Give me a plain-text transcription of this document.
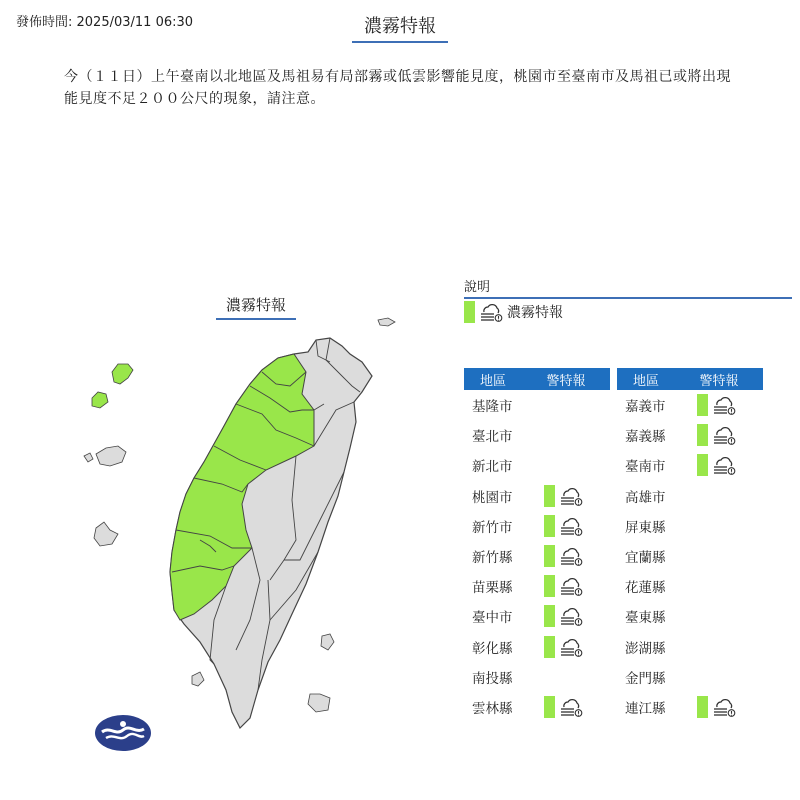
發佈時間: 2025/03/11 06:30	濃霧特報
今（１１日）上午臺南以北地區及馬祖易有局部霧或低雲影響能見度，桃園市至臺南市及馬祖已或將出現能見度不足２００公尺的現象，請注意。
濃霧特報
說明
濃霧特報
地區	警特報
基隆市
臺北市
新北市
桃園市
新竹市
新竹縣
苗栗縣
臺中市
彰化縣
南投縣
雲林縣
地區	警特報
嘉義市
嘉義縣
臺南市
高雄市
屏東縣
宜蘭縣
花蓮縣
臺東縣
澎湖縣
金門縣
連江縣
